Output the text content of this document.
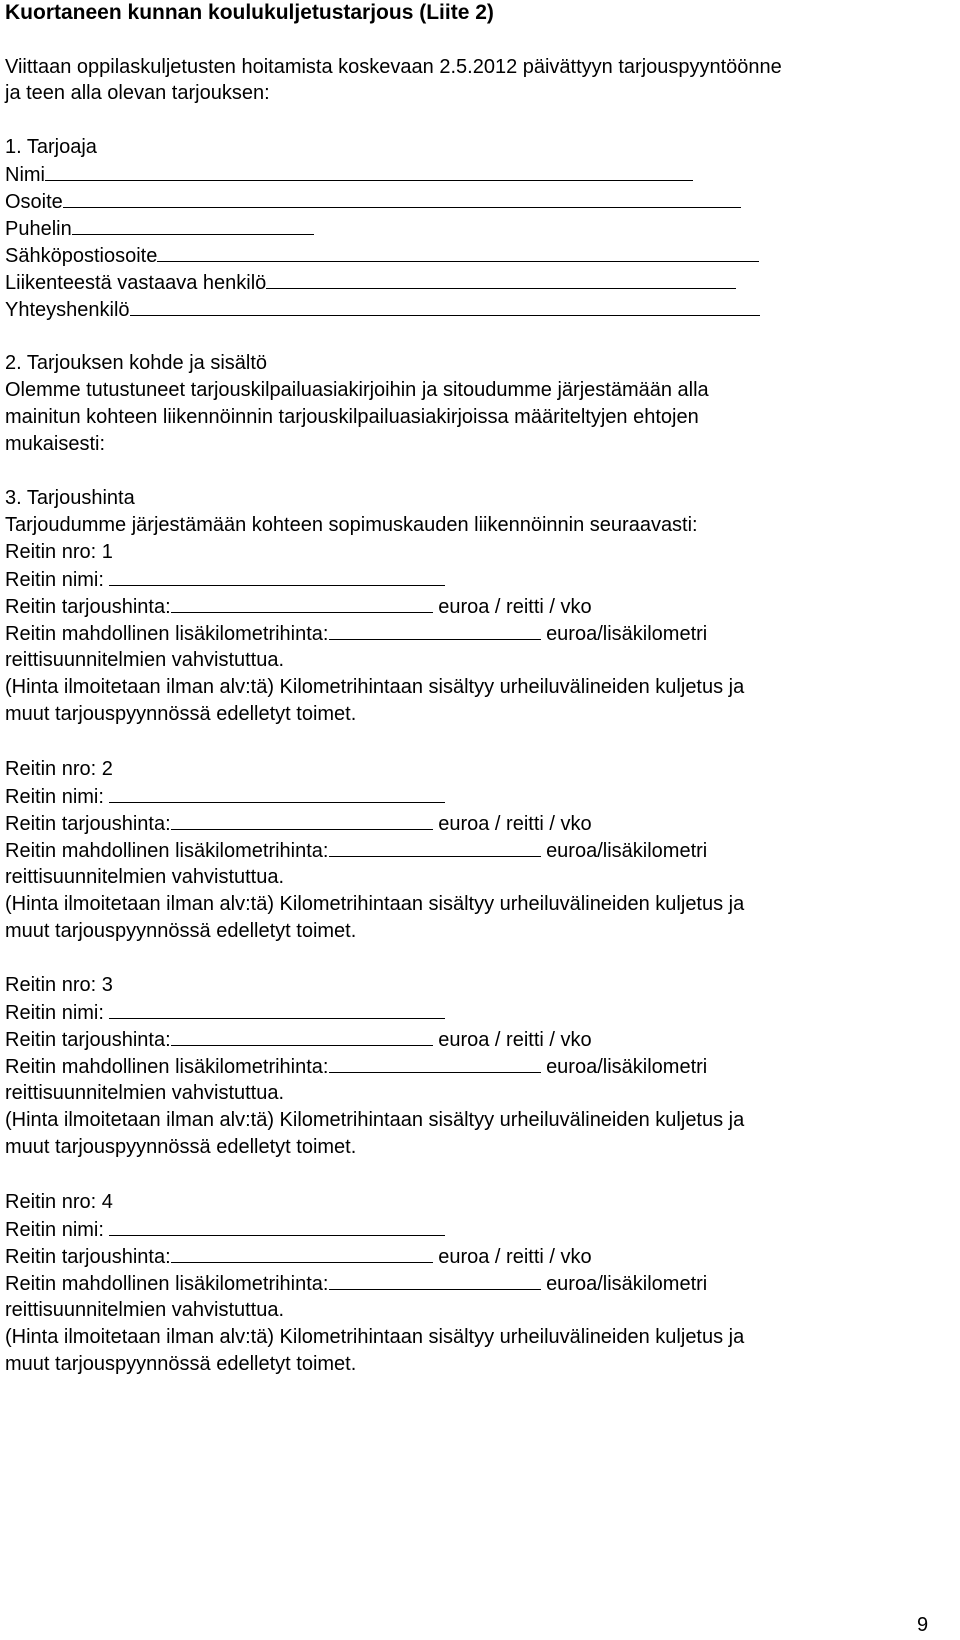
Kuortaneen kunnan koulukuljetustarjous (Liite 2)
Viittaan oppilaskuljetusten hoitamista koskevaan 2.5.2012 päivättyyn tarjouspyyntöönne
ja teen alla olevan tarjouksen:
1. Tarjoaja
Nimi
Osoite
Puhelin
Sähköpostiosoite
Liikenteestä vastaava henkilö
Yhteyshenkilö
2. Tarjouksen kohde ja sisältö
Olemme tutustuneet tarjouskilpailuasiakirjoihin ja sitoudumme järjestämään alla
mainitun kohteen liikennöinnin tarjouskilpailuasiakirjoissa määriteltyjen ehtojen
mukaisesti:
3. Tarjoushinta
Tarjoudumme järjestämään kohteen sopimuskauden liikennöinnin seuraavasti:
Reitin nro: 1
Reitin nimi:
Reitin tarjoushinta:	euroa / reitti / vko
Reitin mahdollinen lisäkilometrihinta:	euroa/lisäkilometri
reittisuunnitelmien vahvistuttua.
(Hinta ilmoitetaan ilman alv:tä) Kilometrihintaan sisältyy urheiluvälineiden kuljetus ja
muut tarjouspyynnössä edelletyt toimet.
Reitin nro: 2
Reitin nimi:
Reitin tarjoushinta:	euroa / reitti / vko
Reitin mahdollinen lisäkilometrihinta:	euroa/lisäkilometri
reittisuunnitelmien vahvistuttua.
(Hinta ilmoitetaan ilman alv:tä) Kilometrihintaan sisältyy urheiluvälineiden kuljetus ja
muut tarjouspyynnössä edelletyt toimet.
Reitin nro: 3
Reitin nimi:
Reitin tarjoushinta:	euroa / reitti / vko
Reitin mahdollinen lisäkilometrihinta:	euroa/lisäkilometri
reittisuunnitelmien vahvistuttua.
(Hinta ilmoitetaan ilman alv:tä) Kilometrihintaan sisältyy urheiluvälineiden kuljetus ja
muut tarjouspyynnössä edelletyt toimet.
Reitin nro: 4
Reitin nimi:
Reitin tarjoushinta:	euroa / reitti / vko
Reitin mahdollinen lisäkilometrihinta:	euroa/lisäkilometri
reittisuunnitelmien vahvistuttua.
(Hinta ilmoitetaan ilman alv:tä) Kilometrihintaan sisältyy urheiluvälineiden kuljetus ja
muut tarjouspyynnössä edelletyt toimet.
9
